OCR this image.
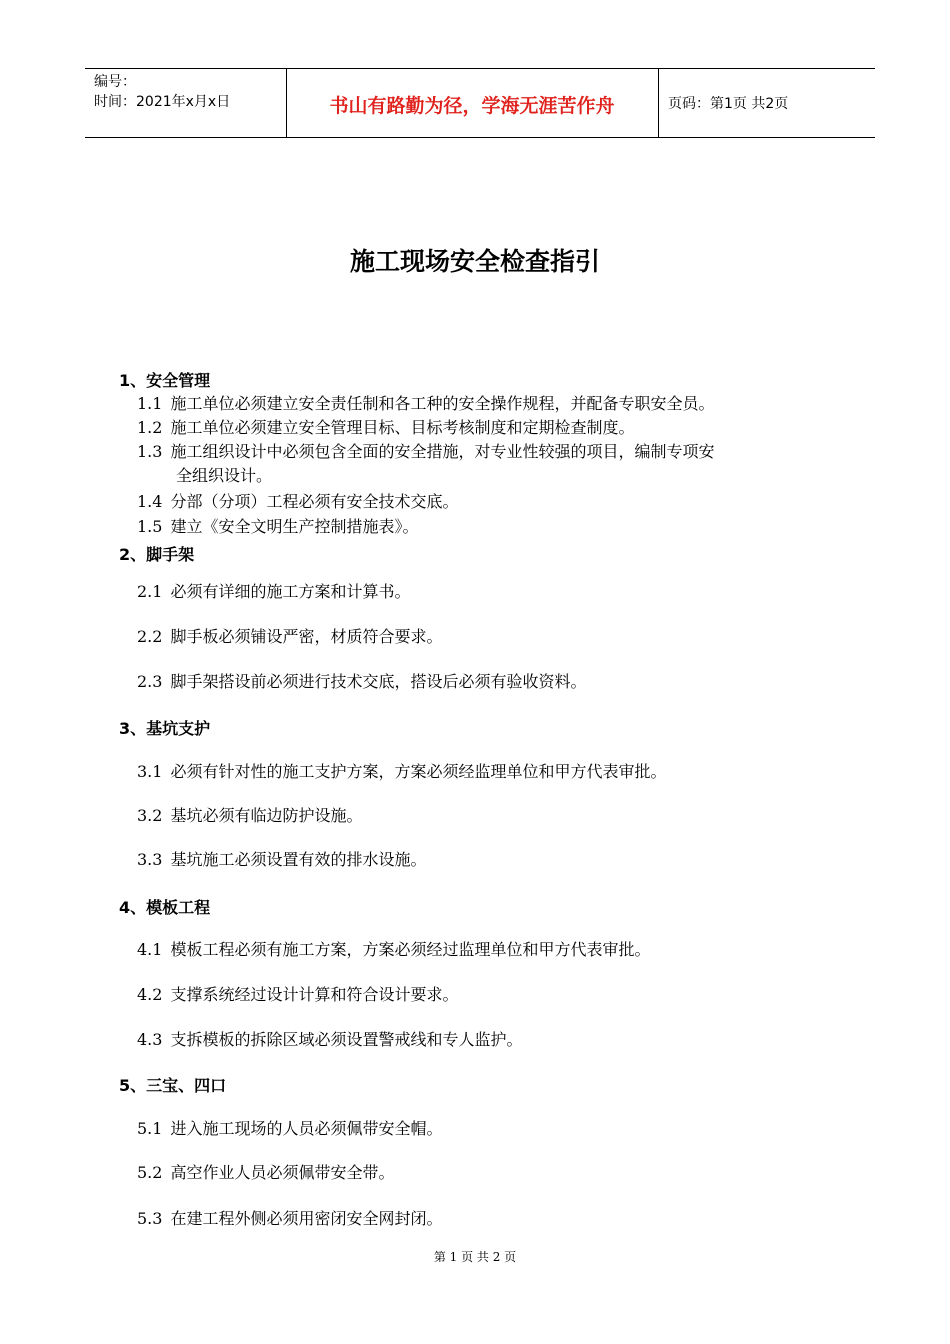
编号：
时间：2021年x月x日	书山有路勤为径，学海无涯苦作舟	页码：第1页 共2页
施工现场安全检查指引
1、安全管理
1.1 施工单位必须建立安全责任制和各工种的安全操作规程，并配备专职安全员。
1.2 施工单位必须建立安全管理目标、目标考核制度和定期检查制度。
1.3 施工组织设计中必须包含全面的安全措施，对专业性较强的项目，编制专项安
全组织设计。
1.4 分部（分项）工程必须有安全技术交底。
1.5 建立《安全文明生产控制措施表》。
2、脚手架
2.1 必须有详细的施工方案和计算书。
2.2 脚手板必须铺设严密，材质符合要求。
2.3 脚手架搭设前必须进行技术交底，搭设后必须有验收资料。
3、基坑支护
3.1 必须有针对性的施工支护方案，方案必须经监理单位和甲方代表审批。
3.2 基坑必须有临边防护设施。
3.3 基坑施工必须设置有效的排水设施。
4、模板工程
4.1 模板工程必须有施工方案，方案必须经过监理单位和甲方代表审批。
4.2 支撑系统经过设计计算和符合设计要求。
4.3 支拆模板的拆除区域必须设置警戒线和专人监护。
5、三宝、四口
5.1 进入施工现场的人员必须佩带安全帽。
5.2 高空作业人员必须佩带安全带。
5.3 在建工程外侧必须用密闭安全网封闭。
第 1 页 共 2 页
